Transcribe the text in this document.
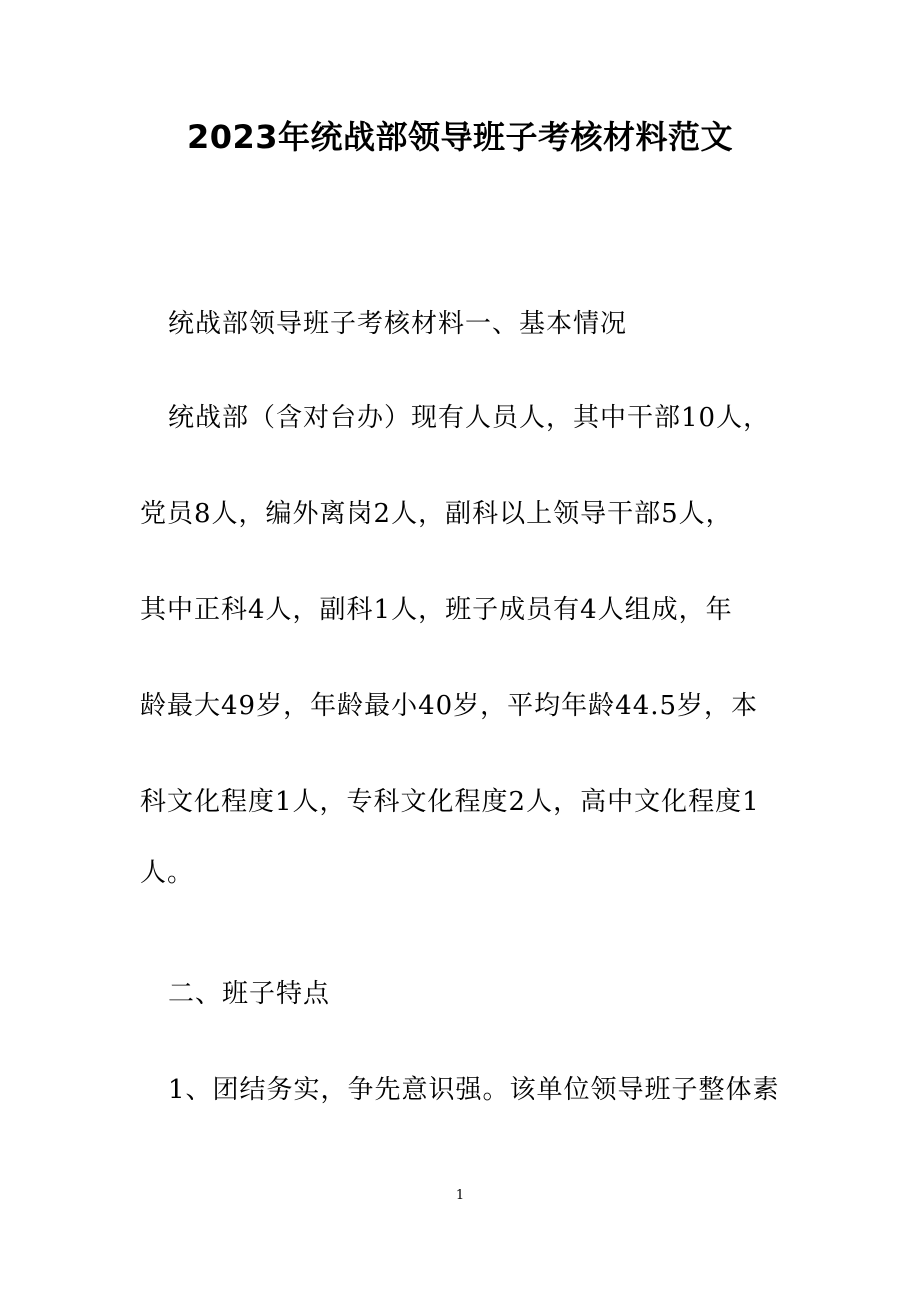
2023年统战部领导班子考核材料范文
统战部领导班子考核材料一、基本情况
统战部（含对台办）现有人员人，其中干部10人，
党员8人，编外离岗2人，副科以上领导干部5人，
其中正科4人，副科1人，班子成员有4人组成，年
龄最大49岁，年龄最小40岁，平均年龄44.5岁，本
科文化程度1人，专科文化程度2人，高中文化程度1
人。
二、班子特点
1、团结务实，争先意识强。该单位领导班子整体素
1
